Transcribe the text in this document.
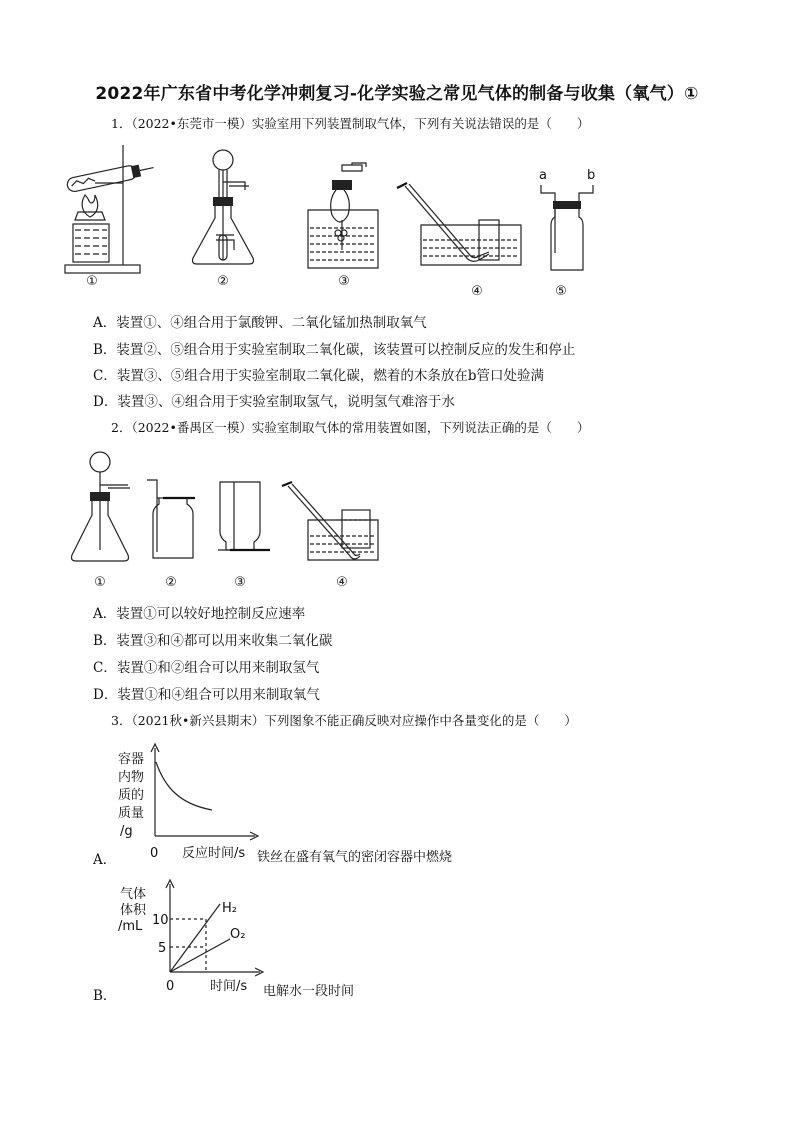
2022年广东省中考化学冲刺复习-化学实验之常见气体的制备与收集（氧气）①
1．（2022•东莞市一模）实验室用下列装置制取气体，下列有关说法错误的是（　　）
①	②	③
④
a	b
⑤
A．装置①、④组合用于氯酸钾、二氧化锰加热制取氧气
B．装置②、⑤组合用于实验室制取二氧化碳，该装置可以控制反应的发生和停止
C．装置③、⑤组合用于实验室制取二氧化碳，燃着的木条放在b管口处验满
D．装置③、④组合用于实验室制取氢气，说明氢气难溶于水
2．（2022•番禺区一模）实验室制取气体的常用装置如图，下列说法正确的是（　　）
①	②	③	④
A．装置①可以较好地控制反应速率
B．装置③和④都可以用来收集二氧化碳
C．装置①和②组合可以用来制取氢气
D．装置①和④组合可以用来制取氧气
3．（2021秋•新兴县期末）下列图象不能正确反映对应操作中各量变化的是（　　）
A．
容器
内物
质的
质量
/g
0 反应时间/s 铁丝在盛有氧气的密闭容器中燃烧
B．
气体
体积
/mL 10
5
H₂
O₂
0	时间/s 电解水一段时间
